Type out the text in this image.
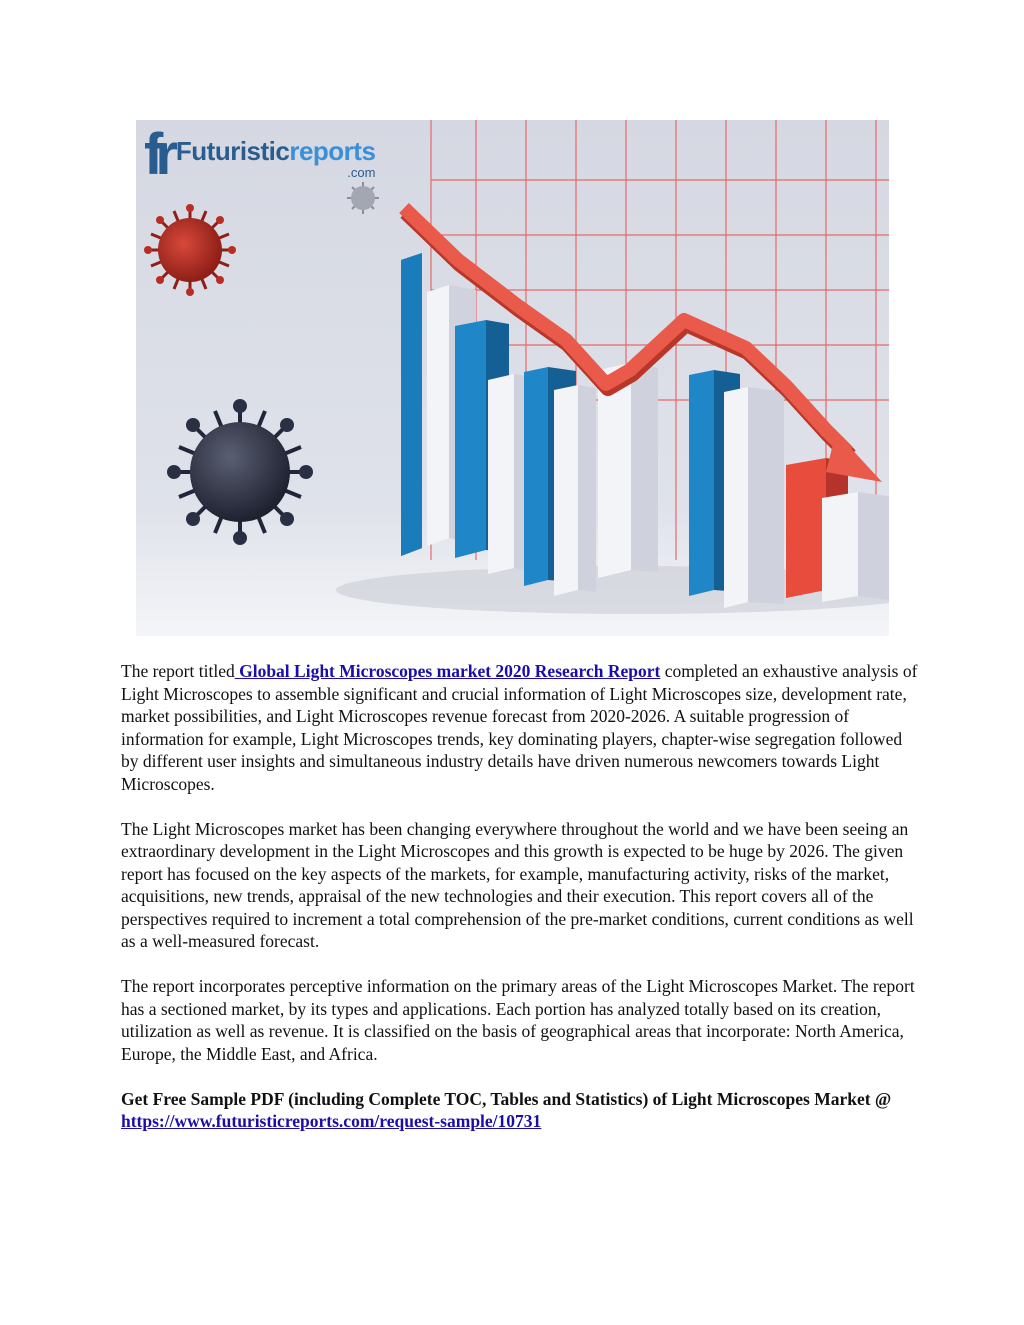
fr Futuristicreports
.com

The report titled Global Light Microscopes market 2020 Research Report completed an exhaustive analysis of Light Microscopes to assemble significant and crucial information of Light Microscopes size, development rate, market possibilities, and Light Microscopes revenue forecast from 2020-2026. A suitable progression of information for example, Light Microscopes trends, key dominating players, chapter-wise segregation followed by different user insights and simultaneous industry details have driven numerous newcomers towards Light Microscopes.

The Light Microscopes market has been changing everywhere throughout the world and we have been seeing an extraordinary development in the Light Microscopes and this growth is expected to be huge by 2026. The given report has focused on the key aspects of the markets, for example, manufacturing activity, risks of the market, acquisitions, new trends, appraisal of the new technologies and their execution. This report covers all of the perspectives required to increment a total comprehension of the pre-market conditions, current conditions as well as a well-measured forecast.

The report incorporates perceptive information on the primary areas of the Light Microscopes Market. The report has a sectioned market, by its types and applications. Each portion has analyzed totally based on its creation, utilization as well as revenue. It is classified on the basis of geographical areas that incorporate: North America, Europe, the Middle East, and Africa.

Get Free Sample PDF (including Complete TOC, Tables and Statistics) of Light Microscopes Market @ https://www.futuristicreports.com/request-sample/10731
